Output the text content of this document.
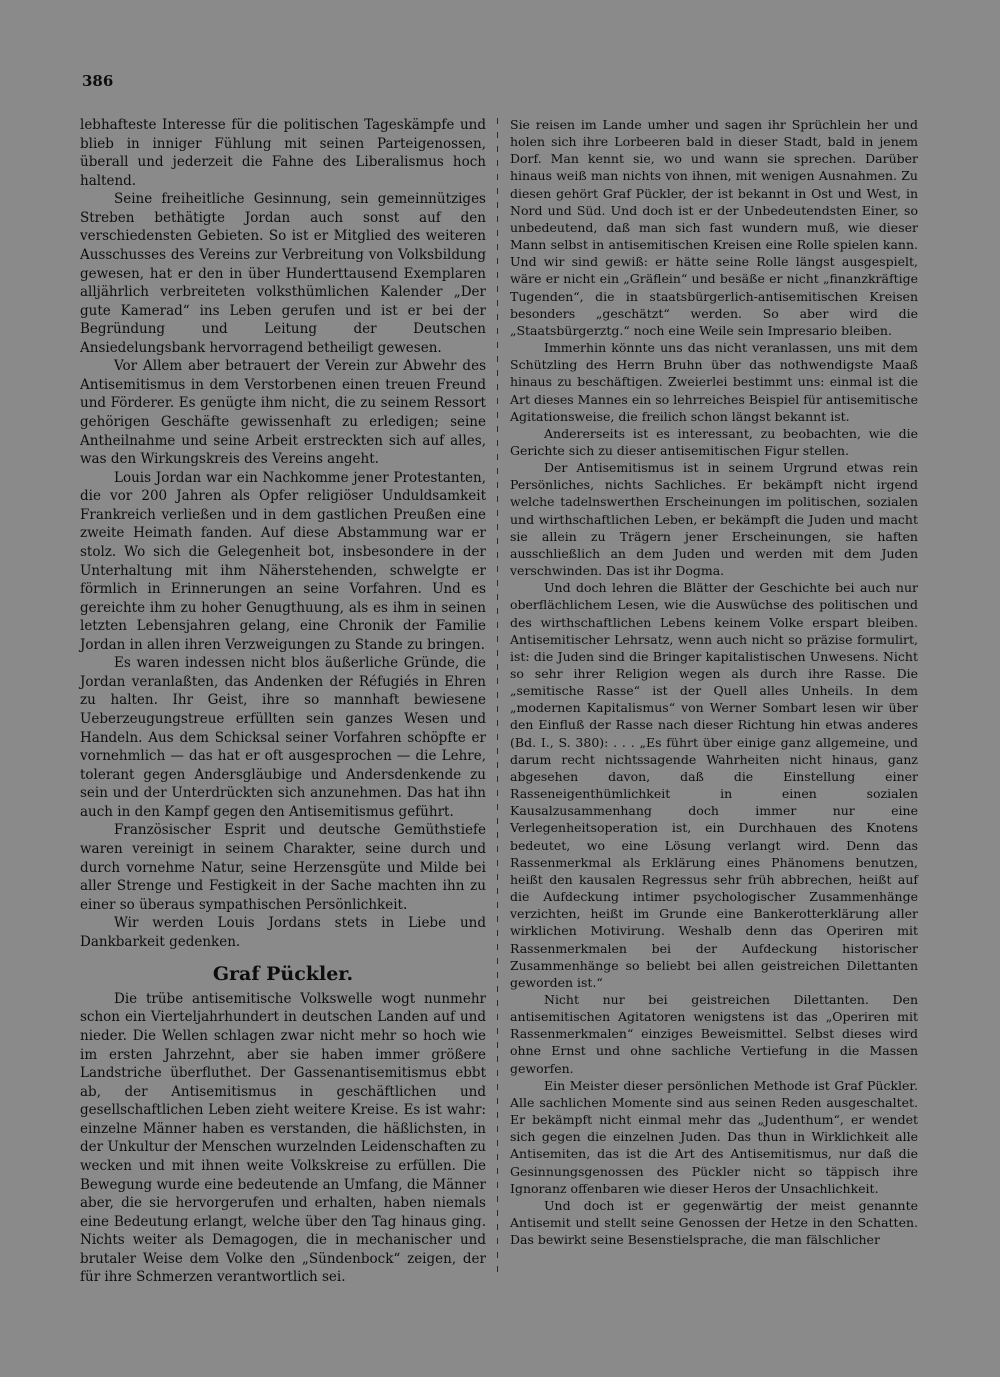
386

lebhafteste Interesse für die politischen Tageskämpfe und blieb in inniger Fühlung mit seinen Parteigenossen, überall und jederzeit die Fahne des Liberalismus hoch haltend.

Seine freiheitliche Gesinnung, sein gemeinnütziges Streben bethätigte Jordan auch sonst auf den verschiedensten Gebieten. So ist er Mitglied des weiteren Ausschusses des Vereins zur Verbreitung von Volksbildung gewesen, hat er den in über Hunderttausend Exemplaren alljährlich verbreiteten volksthümlichen Kalender „Der gute Kamerad“ ins Leben gerufen und ist er bei der Begründung und Leitung der Deutschen Ansiedelungsbank hervorragend betheiligt gewesen.

Vor Allem aber betrauert der Verein zur Abwehr des Antisemitismus in dem Verstorbenen einen treuen Freund und Förderer. Es genügte ihm nicht, die zu seinem Ressort gehörigen Geschäfte gewissenhaft zu erledigen; seine Antheilnahme und seine Arbeit erstreckten sich auf alles, was den Wirkungskreis des Vereins angeht.

Louis Jordan war ein Nachkomme jener Protestanten, die vor 200 Jahren als Opfer religiöser Unduldsamkeit Frankreich verließen und in dem gastlichen Preußen eine zweite Heimath fanden. Auf diese Abstammung war er stolz. Wo sich die Gelegenheit bot, insbesondere in der Unterhaltung mit ihm Näherstehenden, schwelgte er förmlich in Erinnerungen an seine Vorfahren. Und es gereichte ihm zu hoher Genugthuung, als es ihm in seinen letzten Lebensjahren gelang, eine Chronik der Familie Jordan in allen ihren Verzweigungen zu Stande zu bringen.

Es waren indessen nicht blos äußerliche Gründe, die Jordan veranlaßten, das Andenken der Réfugiés in Ehren zu halten. Ihr Geist, ihre so mannhaft bewiesene Ueberzeugungstreue erfüllten sein ganzes Wesen und Handeln. Aus dem Schicksal seiner Vorfahren schöpfte er vornehmlich — das hat er oft ausgesprochen — die Lehre, tolerant gegen Andersgläubige und Andersdenkende zu sein und der Unterdrückten sich anzunehmen. Das hat ihn auch in den Kampf gegen den Antisemitismus geführt.

Französischer Esprit und deutsche Gemüthstiefe waren vereinigt in seinem Charakter, seine durch und durch vornehme Natur, seine Herzensgüte und Milde bei aller Strenge und Festigkeit in der Sache machten ihn zu einer so überaus sympathischen Persönlichkeit.

Wir werden Louis Jordans stets in Liebe und Dankbarkeit gedenken.

Graf Pückler.

Die trübe antisemitische Volkswelle wogt nunmehr schon ein Vierteljahrhundert in deutschen Landen auf und nieder. Die Wellen schlagen zwar nicht mehr so hoch wie im ersten Jahrzehnt, aber sie haben immer größere Landstriche überfluthet. Der Gassenantisemitismus ebbt ab, der Antisemitismus in geschäftlichen und gesellschaftlichen Leben zieht weitere Kreise. Es ist wahr: einzelne Männer haben es verstanden, die häßlichsten, in der Unkultur der Menschen wurzelnden Leidenschaften zu wecken und mit ihnen weite Volkskreise zu erfüllen. Die Bewegung wurde eine bedeutende an Umfang, die Männer aber, die sie hervorgerufen und erhalten, haben niemals eine Bedeutung erlangt, welche über den Tag hinaus ging. Nichts weiter als Demagogen, die in mechanischer und brutaler Weise dem Volke den „Sündenbock“ zeigen, der für ihre Schmerzen verantwortlich sei.

Sie reisen im Lande umher und sagen ihr Sprüchlein her und holen sich ihre Lorbeeren bald in dieser Stadt, bald in jenem Dorf. Man kennt sie, wo und wann sie sprechen. Darüber hinaus weiß man nichts von ihnen, mit wenigen Ausnahmen. Zu diesen gehört Graf Pückler, der ist bekannt in Ost und West, in Nord und Süd. Und doch ist er der Unbedeutendsten Einer, so unbedeutend, daß man sich fast wundern muß, wie dieser Mann selbst in antisemitischen Kreisen eine Rolle spielen kann. Und wir sind gewiß: er hätte seine Rolle längst ausgespielt, wäre er nicht ein „Gräflein“ und besäße er nicht „finanzkräftige Tugenden“, die in staatsbürgerlich-antisemitischen Kreisen besonders „geschätzt“ werden. So aber wird die „Staatsbürgerztg.“ noch eine Weile sein Impresario bleiben.

Immerhin könnte uns das nicht veranlassen, uns mit dem Schützling des Herrn Bruhn über das nothwendigste Maaß hinaus zu beschäftigen. Zweierlei bestimmt uns: einmal ist die Art dieses Mannes ein so lehrreiches Beispiel für antisemitische Agitationsweise, die freilich schon längst bekannt ist.

Andererseits ist es interessant, zu beobachten, wie die Gerichte sich zu dieser antisemitischen Figur stellen.

Der Antisemitismus ist in seinem Urgrund etwas rein Persönliches, nichts Sachliches. Er bekämpft nicht irgend welche tadelnswerthen Erscheinungen im politischen, sozialen und wirthschaftlichen Leben, er bekämpft die Juden und macht sie allein zu Trägern jener Erscheinungen, sie haften ausschließlich an dem Juden und werden mit dem Juden verschwinden. Das ist ihr Dogma.

Und doch lehren die Blätter der Geschichte bei auch nur oberflächlichem Lesen, wie die Auswüchse des politischen und des wirthschaftlichen Lebens keinem Volke erspart bleiben. Antisemitischer Lehrsatz, wenn auch nicht so präzise formulirt, ist: die Juden sind die Bringer kapitalistischen Unwesens. Nicht so sehr ihrer Religion wegen als durch ihre Rasse. Die „semitische Rasse“ ist der Quell alles Unheils. In dem „modernen Kapitalismus“ von Werner Sombart lesen wir über den Einfluß der Rasse nach dieser Richtung hin etwas anderes (Bd. I., S. 380): . . . „Es führt über einige ganz allgemeine, und darum recht nichtssagende Wahrheiten nicht hinaus, ganz abgesehen davon, daß die Einstellung einer Rasseneigenthümlichkeit in einen sozialen Kausalzusammenhang doch immer nur eine Verlegenheitsoperation ist, ein Durchhauen des Knotens bedeutet, wo eine Lösung verlangt wird. Denn das Rassenmerkmal als Erklärung eines Phänomens benutzen, heißt den kausalen Regressus sehr früh abbrechen, heißt auf die Aufdeckung intimer psychologischer Zusammenhänge verzichten, heißt im Grunde eine Bankerotterklärung aller wirklichen Motivirung. Weshalb denn das Operiren mit Rassenmerkmalen bei der Aufdeckung historischer Zusammenhänge so beliebt bei allen geistreichen Dilettanten geworden ist.“

Nicht nur bei geistreichen Dilettanten. Den antisemitischen Agitatoren wenigstens ist das „Operiren mit Rassenmerkmalen“ einziges Beweismittel. Selbst dieses wird ohne Ernst und ohne sachliche Vertiefung in die Massen geworfen.

Ein Meister dieser persönlichen Methode ist Graf Pückler. Alle sachlichen Momente sind aus seinen Reden ausgeschaltet. Er bekämpft nicht einmal mehr das „Judenthum“, er wendet sich gegen die einzelnen Juden. Das thun in Wirklichkeit alle Antisemiten, das ist die Art des Antisemitismus, nur daß die Gesinnungsgenossen des Pückler nicht so täppisch ihre Ignoranz offenbaren wie dieser Heros der Unsachlichkeit.

Und doch ist er gegenwärtig der meist genannte Antisemit und stellt seine Genossen der Hetze in den Schatten. Das bewirkt seine Besenstielsprache, die man fälschlicher
